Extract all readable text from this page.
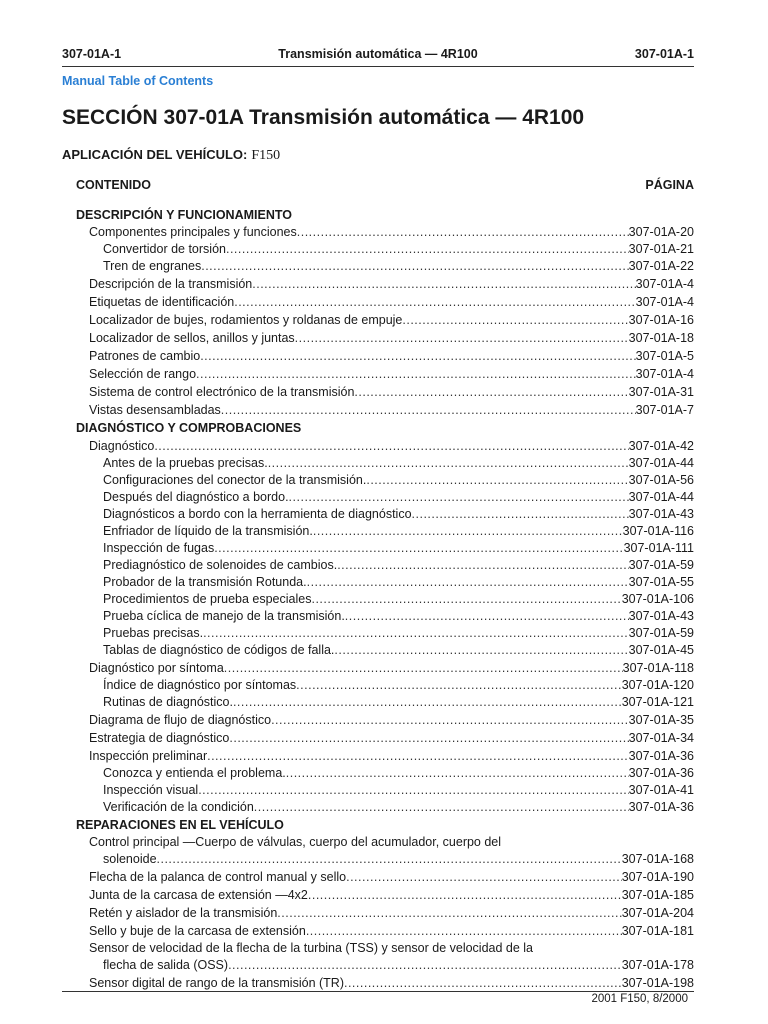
307-01A-1	Transmisión automática — 4R100	307-01A-1
Manual Table of Contents
SECCIÓN 307-01A Transmisión automática — 4R100
APLICACIÓN DEL VEHÍCULO: F150
CONTENIDO	PÁGINA
DESCRIPCIÓN Y FUNCIONAMIENTO
Componentes principales y funciones .....	307-01A-20
Convertidor de torsión .....	307-01A-21
Tren de engranes .....	307-01A-22
Descripción de la transmisión .....	307-01A-4
Etiquetas de identificación .....	307-01A-4
Localizador de bujes, rodamientos y roldanas de empuje .....	307-01A-16
Localizador de sellos, anillos y juntas .....	307-01A-18
Patrones de cambio .....	307-01A-5
Selección de rango .....	307-01A-4
Sistema de control electrónico de la transmisión .....	307-01A-31
Vistas desensambladas .....	307-01A-7
DIAGNÓSTICO Y COMPROBACIONES
Diagnóstico .....	307-01A-42
Antes de la pruebas precisas. .....	307-01A-44
Configuraciones del conector de la transmisión. .....	307-01A-56
Después del diagnóstico a bordo. .....	307-01A-44
Diagnósticos a bordo con la herramienta de diagnóstico .....	307-01A-43
Enfriador de líquido de la transmisión. .....	307-01A-116
Inspección de fugas .....	307-01A-111
Prediagnóstico de solenoides de cambios. .....	307-01A-59
Probador de la transmisión Rotunda. .....	307-01A-55
Procedimientos de prueba especiales .....	307-01A-106
Prueba cíclica de manejo de la transmisión. .....	307-01A-43
Pruebas precisas. .....	307-01A-59
Tablas de diagnóstico de códigos de falla. .....	307-01A-45
Diagnóstico por síntoma .....	307-01A-118
Índice de diagnóstico por síntomas .....	307-01A-120
Rutinas de diagnóstico. .....	307-01A-121
Diagrama de flujo de diagnóstico .....	307-01A-35
Estrategia de diagnóstico .....	307-01A-34
Inspección preliminar .....	307-01A-36
Conozca y entienda el problema. .....	307-01A-36
Inspección visual .....	307-01A-41
Verificación de la condición .....	307-01A-36
REPARACIONES EN EL VEHÍCULO
Control principal —Cuerpo de válvulas, cuerpo del acumulador, cuerpo del
solenoide .....	307-01A-168
Flecha de la palanca de control manual y sello .....	307-01A-190
Junta de la carcasa de extensión —4x2 .....	307-01A-185
Retén y aislador de la transmisión .....	307-01A-204
Sello y buje de la carcasa de extensión .....	307-01A-181
Sensor de velocidad de la flecha de la turbina (TSS) y sensor de velocidad de la
flecha de salida (OSS) .....	307-01A-178
Sensor digital de rango de la transmisión (TR) .....	307-01A-198
2001 F150, 8/2000
